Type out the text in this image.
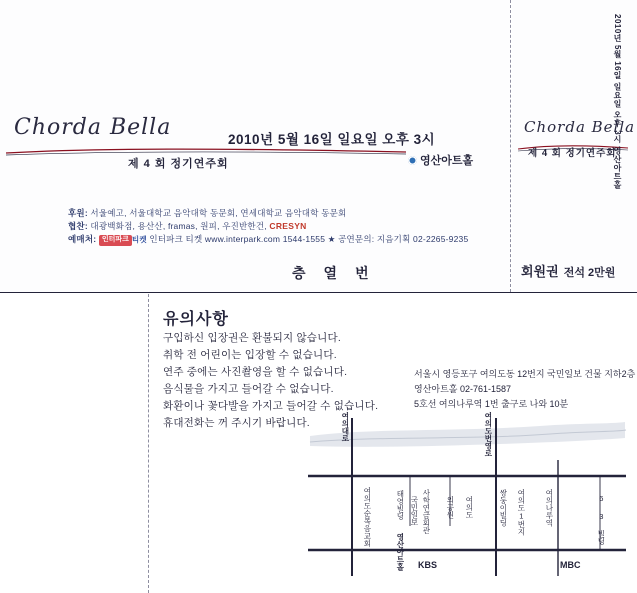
Chorda Bella
제 4 회 정기연주회
2010년 5월 16일 일요일 오후 3시
영산아트홀
후원: 서울예고, 서울대학교 음악대학 동문회, 연세대학교 음악대학 동문회
협찬: 대광백화점, 용산산, framas, 원피, 우진반한건, CRESYN
예매처: 인터파크 티켓 인터파크 티켓 www.interpark.com 1544-1555 ★ 공연문의: 지음기획 02-2265-9235
층열번
Chorda Bella
제 4 회 정기연주회
2010년 5월 16일 일요일 오후 3시 영산아트홀
회원권 전석 2만원
유의사항
구입하신 입장권은 환불되지 않습니다.
취학 전 어린이는 입장할 수 없습니다.
연주 중에는 사진촬영을 할 수 없습니다.
음식물을 가지고 들어갈 수 없습니다.
화환이나 꽃다발을 가지고 들어갈 수 없습니다.
휴대전화는 꺼 주시기 바랍니다.
서울시 영등포구 여의도동 12번지 국민일보 건물 지하2층
영산아트홀 02-761-1587
5호선 여의나루역 1번 출구로 나와 10분
여의대로	여의도번영로
여의도순복음교회	태영빌딩 국민일보 사학연금회관
영산아트홀
의공원 여의도	쌍둥이빌딩 여의도1번지	여의나루역	6 3 빌딩
KBS	MBC
